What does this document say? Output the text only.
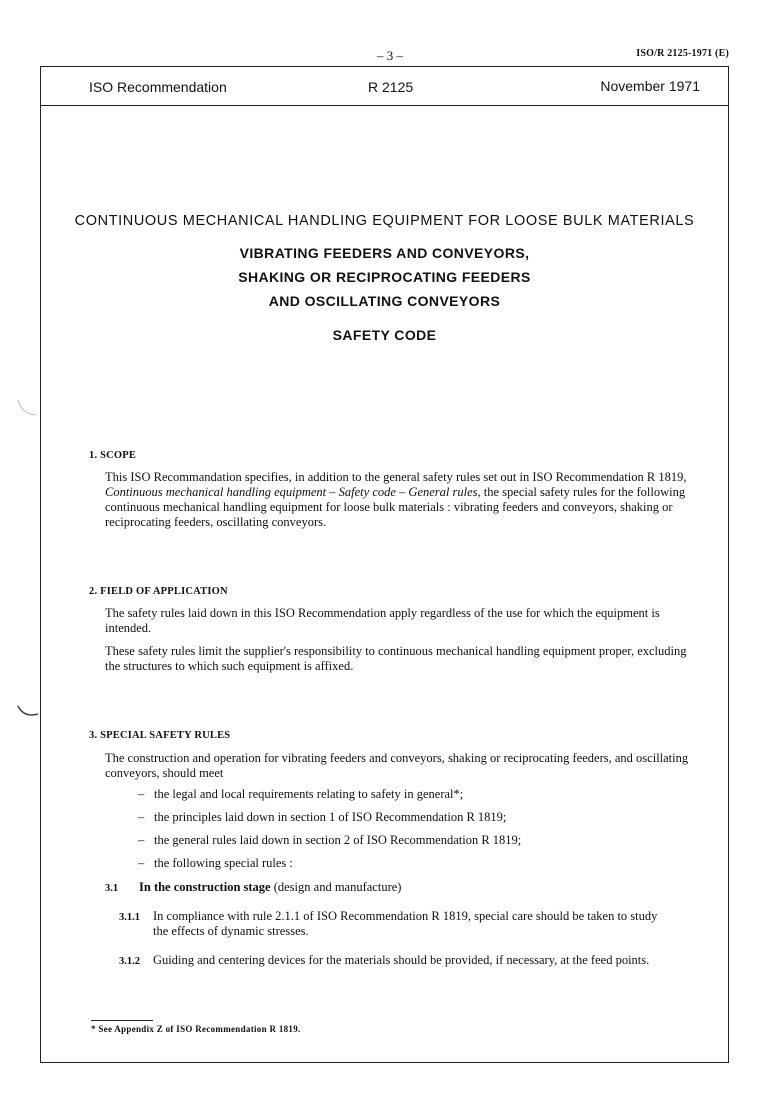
– 3 –	ISO/R 2125-1971 (E)
ISO Recommendation	R 2125	November 1971
CONTINUOUS MECHANICAL HANDLING EQUIPMENT FOR LOOSE BULK MATERIALS
VIBRATING FEEDERS AND CONVEYORS,
SHAKING OR RECIPROCATING FEEDERS
AND OSCILLATING CONVEYORS
SAFETY CODE
1. SCOPE
This ISO Recommandation specifies, in addition to the general safety rules set out in ISO Recommendation R 1819,
Continuous mechanical handling equipment – Safety code – General rules, the special safety rules for the following
continuous mechanical handling equipment for loose bulk materials : vibrating feeders and conveyors, shaking or
reciprocating feeders, oscillating conveyors.
2. FIELD OF APPLICATION
The safety rules laid down in this ISO Recommendation apply regardless of the use for which the equipment is
intended.
These safety rules limit the supplier's responsibility to continuous mechanical handling equipment proper, excluding
the structures to which such equipment is affixed.
3. SPECIAL SAFETY RULES
The construction and operation for vibrating feeders and conveyors, shaking or reciprocating feeders, and oscillating
conveyors, should meet
– the legal and local requirements relating to safety in general*;
– the principles laid down in section 1 of ISO Recommendation R 1819;
– the general rules laid down in section 2 of ISO Recommendation R 1819;
– the following special rules :
3.1 In the construction stage (design and manufacture)
3.1.1 In compliance with rule 2.1.1 of ISO Recommendation R 1819, special care should be taken to study
the effects of dynamic stresses.
3.1.2 Guiding and centering devices for the materials should be provided, if necessary, at the feed points.
* See Appendix Z of ISO Recommendation R 1819.
